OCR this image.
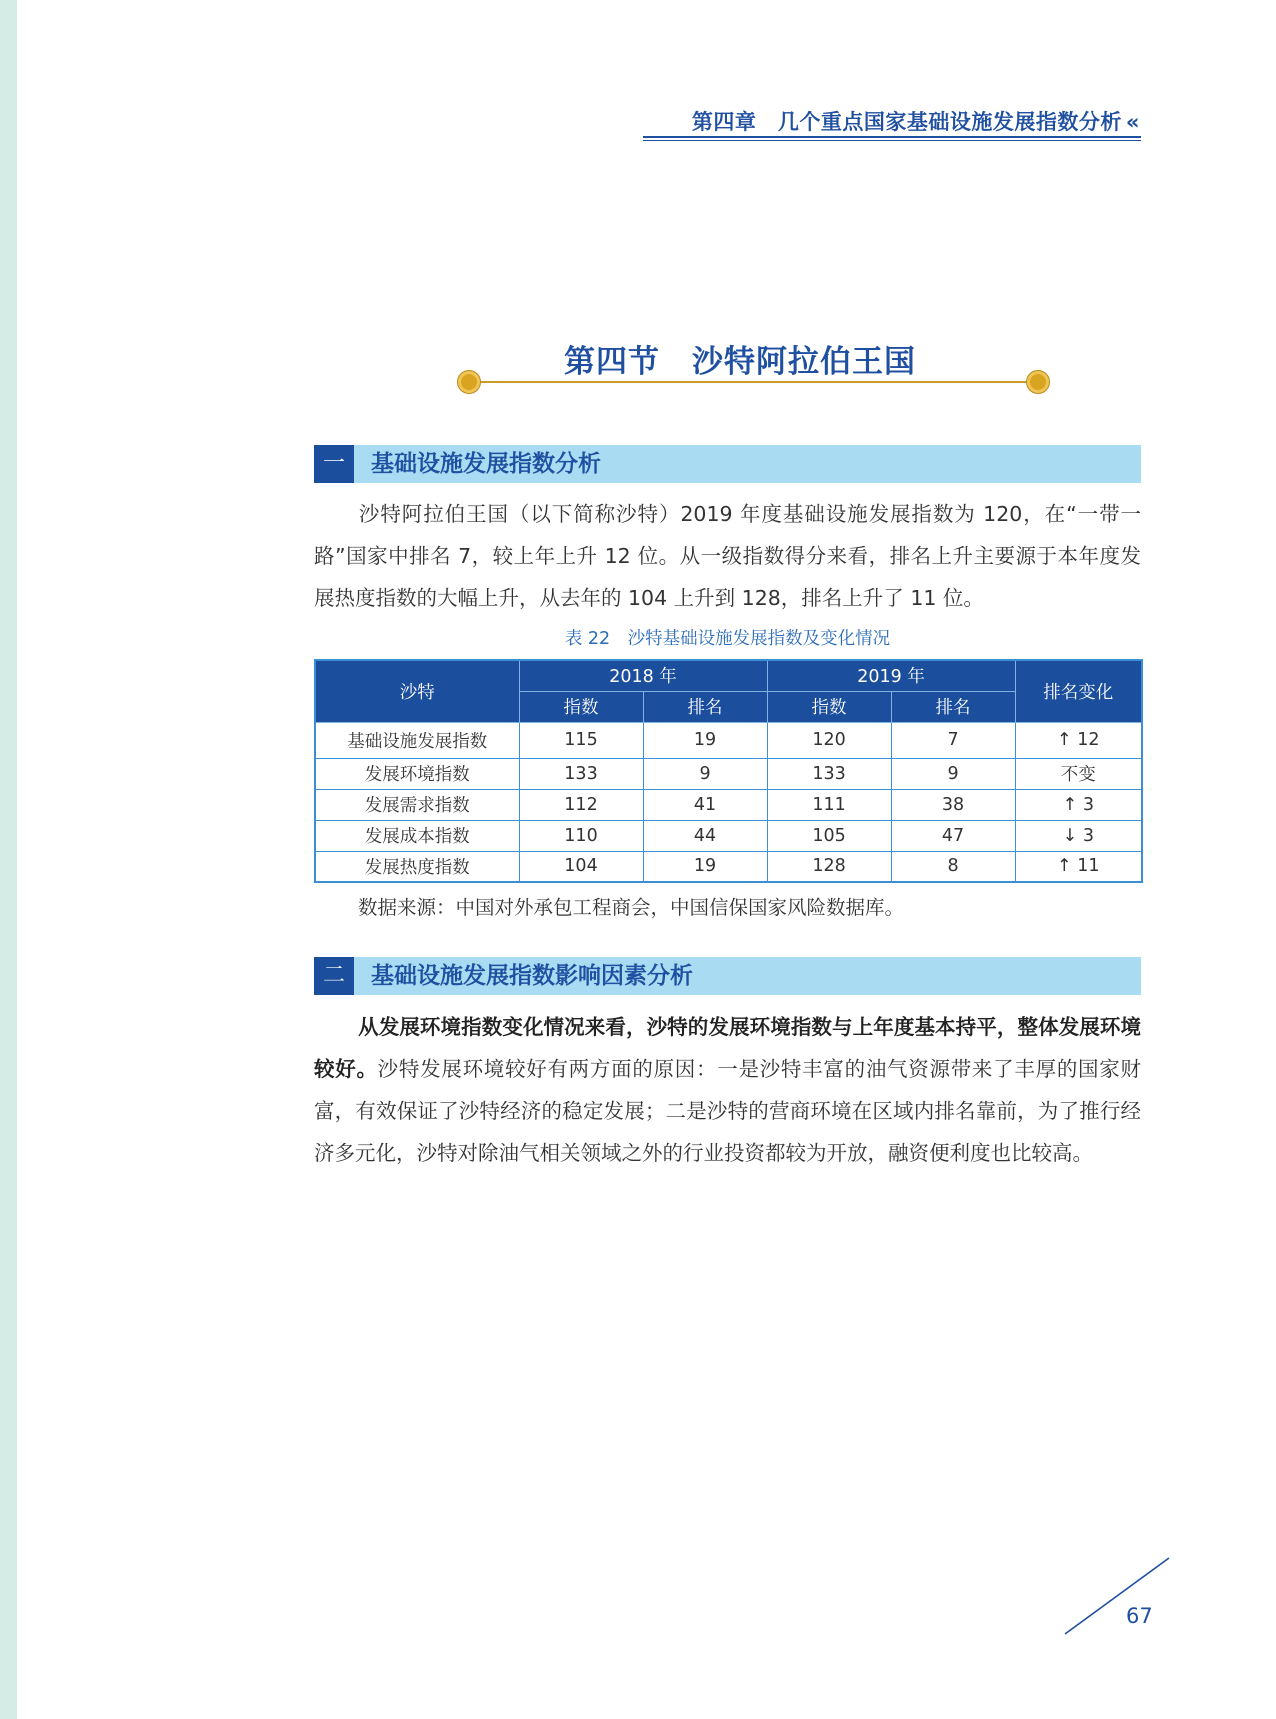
第四章　几个重点国家基础设施发展指数分析 «
第四节　沙特阿拉伯王国
一	基础设施发展指数分析
沙特阿拉伯王国（以下简称沙特）2019 年度基础设施发展指数为 120，在“一带一路”国家中排名 7，较上年上升 12 位。从一级指数得分来看，排名上升主要源于本年度发展热度指数的大幅上升，从去年的 104 上升到 128，排名上升了 11 位。
表 22　沙特基础设施发展指数及变化情况
沙特	2018 年		2019 年		排名变化
	指数	排名	指数	排名	
基础设施发展指数	115	19	120	7	↑ 12
发展环境指数	133	9	133	9	不变
发展需求指数	112	41	111	38	↑ 3
发展成本指数	110	44	105	47	↓ 3
发展热度指数	104	19	128	8	↑ 11
数据来源：中国对外承包工程商会，中国信保国家风险数据库。
二	基础设施发展指数影响因素分析
从发展环境指数变化情况来看，沙特的发展环境指数与上年度基本持平，整体发展环境较好。沙特发展环境较好有两方面的原因：一是沙特丰富的油气资源带来了丰厚的国家财富，有效保证了沙特经济的稳定发展；二是沙特的营商环境在区域内排名靠前，为了推行经济多元化，沙特对除油气相关领域之外的行业投资都较为开放，融资便利度也比较高。
67
